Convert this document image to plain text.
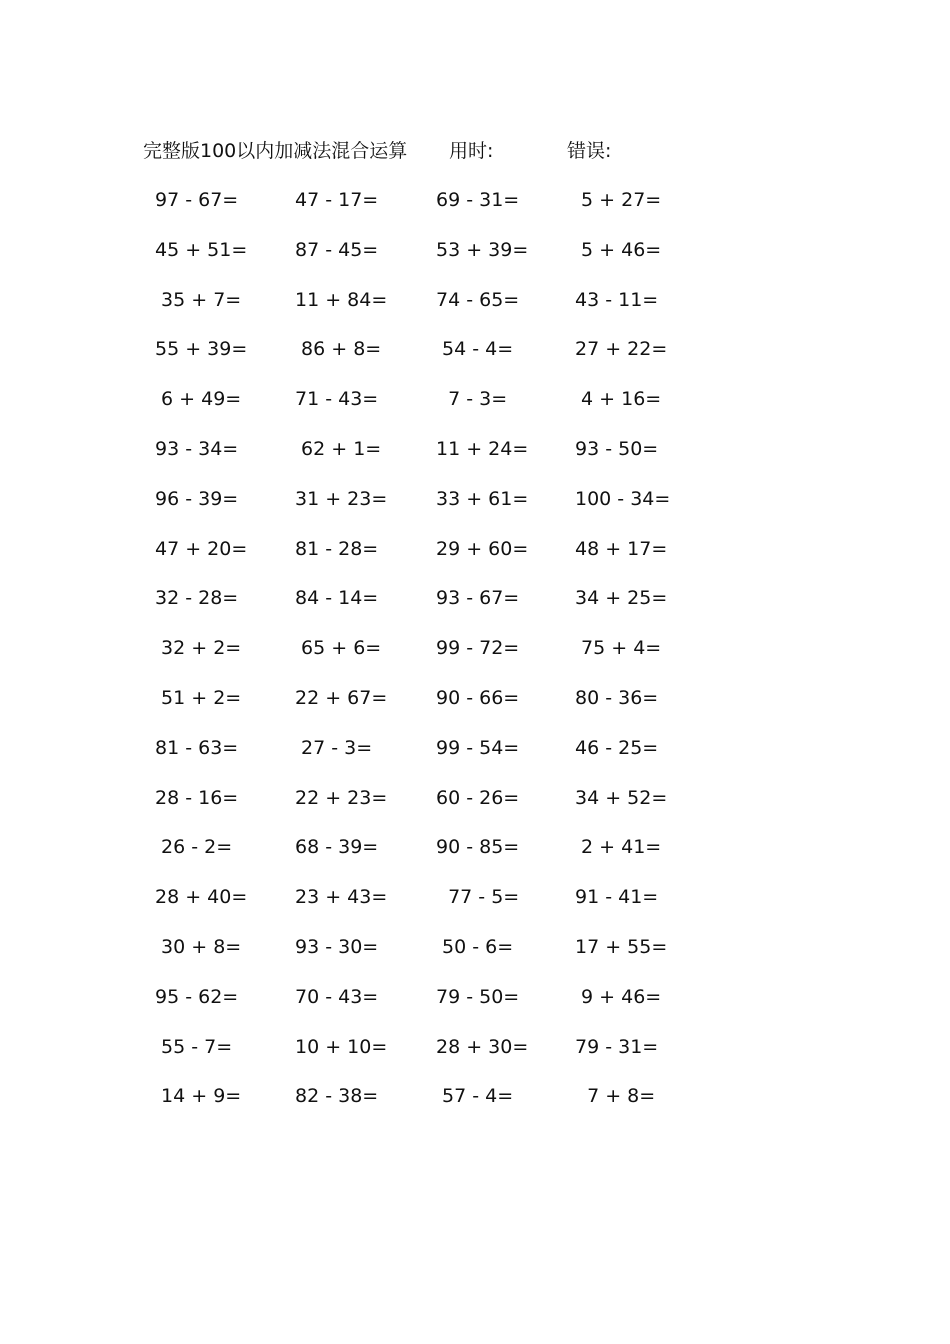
完整版100以内加减法混合运算 用时:	错误:
97 - 67=	47 - 17=	69 - 31=	5 + 27=
45 + 51=	87 - 45=	53 + 39= 5 + 46=
35 + 7=	11 + 84=	74 - 65=	43 - 11=
55 + 39=	86 + 8=	54 - 4=	27 + 22=
6 + 49=	71 - 43=	7 - 3=	4 + 16=
93 - 34=	62 + 1=	11 + 24= 93 - 50=
96 - 39=	31 + 23=	33 + 61= 100 - 34=
47 + 20=	81 - 28=	29 + 60= 48 + 17=
32 - 28=	84 - 14=	93 - 67=	34 + 25=
32 + 2=	65 + 6=	99 - 72=	75 + 4=
51 + 2=	22 + 67=	90 - 66=	80 - 36=
81 - 63=	27 - 3=	99 - 54=	46 - 25=
28 - 16=	22 + 23=	60 - 26=	34 + 52=
26 - 2=	68 - 39=	90 - 85=	2 + 41=
28 + 40=	23 + 43=	77 - 5=	91 - 41=
30 + 8=	93 - 30=	50 - 6=	17 + 55=
95 - 62=	70 - 43=	79 - 50=	9 + 46=
55 - 7=	10 + 10=	28 + 30= 79 - 31=
14 + 9=	82 - 38=	57 - 4=	7 + 8=
